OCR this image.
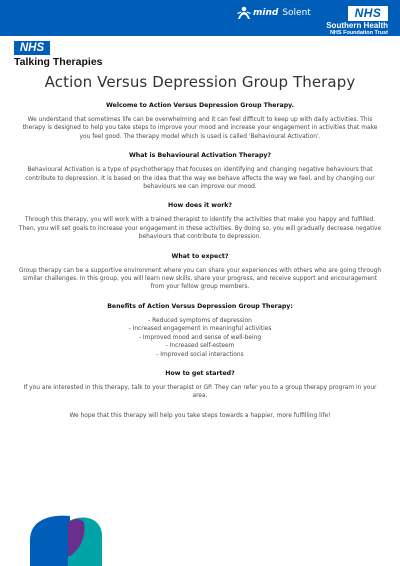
mind Solent	NHS
Southern Health
NHS Foundation Trust
NHS
Talking Therapies
Action Versus Depression Group Therapy

Welcome to Action Versus Depression Group Therapy.

We understand that sometimes life can be overwhelming and it can feel difficult to keep up with daily activities. This therapy is designed to help you take steps to improve your mood and increase your engagement in activities that make you feel good. The therapy model which is used is called 'Behavioural Activation'.

What is Behavioural Activation Therapy?

Behavioural Activation is a type of psychotherapy that focuses on identifying and changing negative behaviours that contribute to depression. It is based on the idea that the way we behave affects the way we feel, and by changing our behaviours we can improve our mood.

How does it work?

Through this therapy, you will work with a trained therapist to identify the activities that make you happy and fulfilled. Then, you will set goals to increase your engagement in these activities. By doing so, you will gradually decrease negative behaviours that contribute to depression.

What to expect?

Group therapy can be a supportive environment where you can share your experiences with others who are going through similar challenges. In this group, you will learn new skills, share your progress, and receive support and encouragement from your fellow group members.

Benefits of Action Versus Depression Group Therapy:

- Reduced symptoms of depression
- Increased engagement in meaningful activities
- Improved mood and sense of well-being
- Increased self-esteem
- Improved social interactions

How to get started?

If you are interested in this therapy, talk to your therapist or GP. They can refer you to a group therapy program in your area.

We hope that this therapy will help you take steps towards a happier, more fulfilling life!
